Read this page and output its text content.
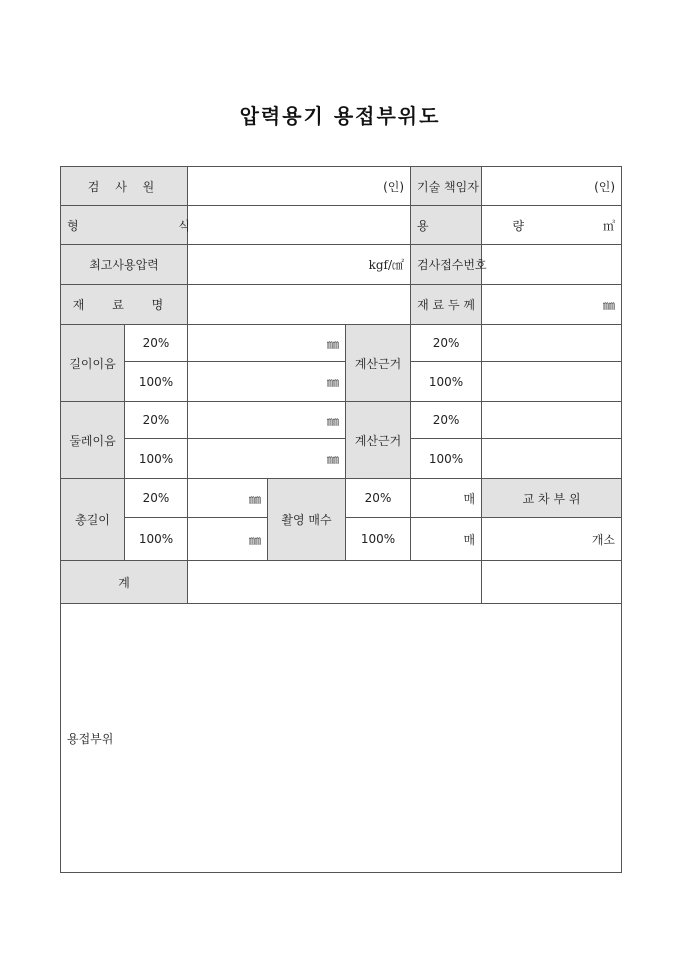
압력용기 용접부위도
검 사 원		(인)			기술 책임자	(인)
형 식					용 량	㎥
최고사용압력		kgf/㎠			검사접수번호	
재 료 명					재 료 두 께	㎜
길이이음	20%	㎜		계산근거	20%	
	100%	㎜			100%	
둘레이음	20%	㎜		계산근거	20%	
	100%	㎜			100%	
총길이	20%	㎜	촬영 매수	20%	매	교 차 부 위
	100%	㎜		100%	매	개소
계						
용접부위						
